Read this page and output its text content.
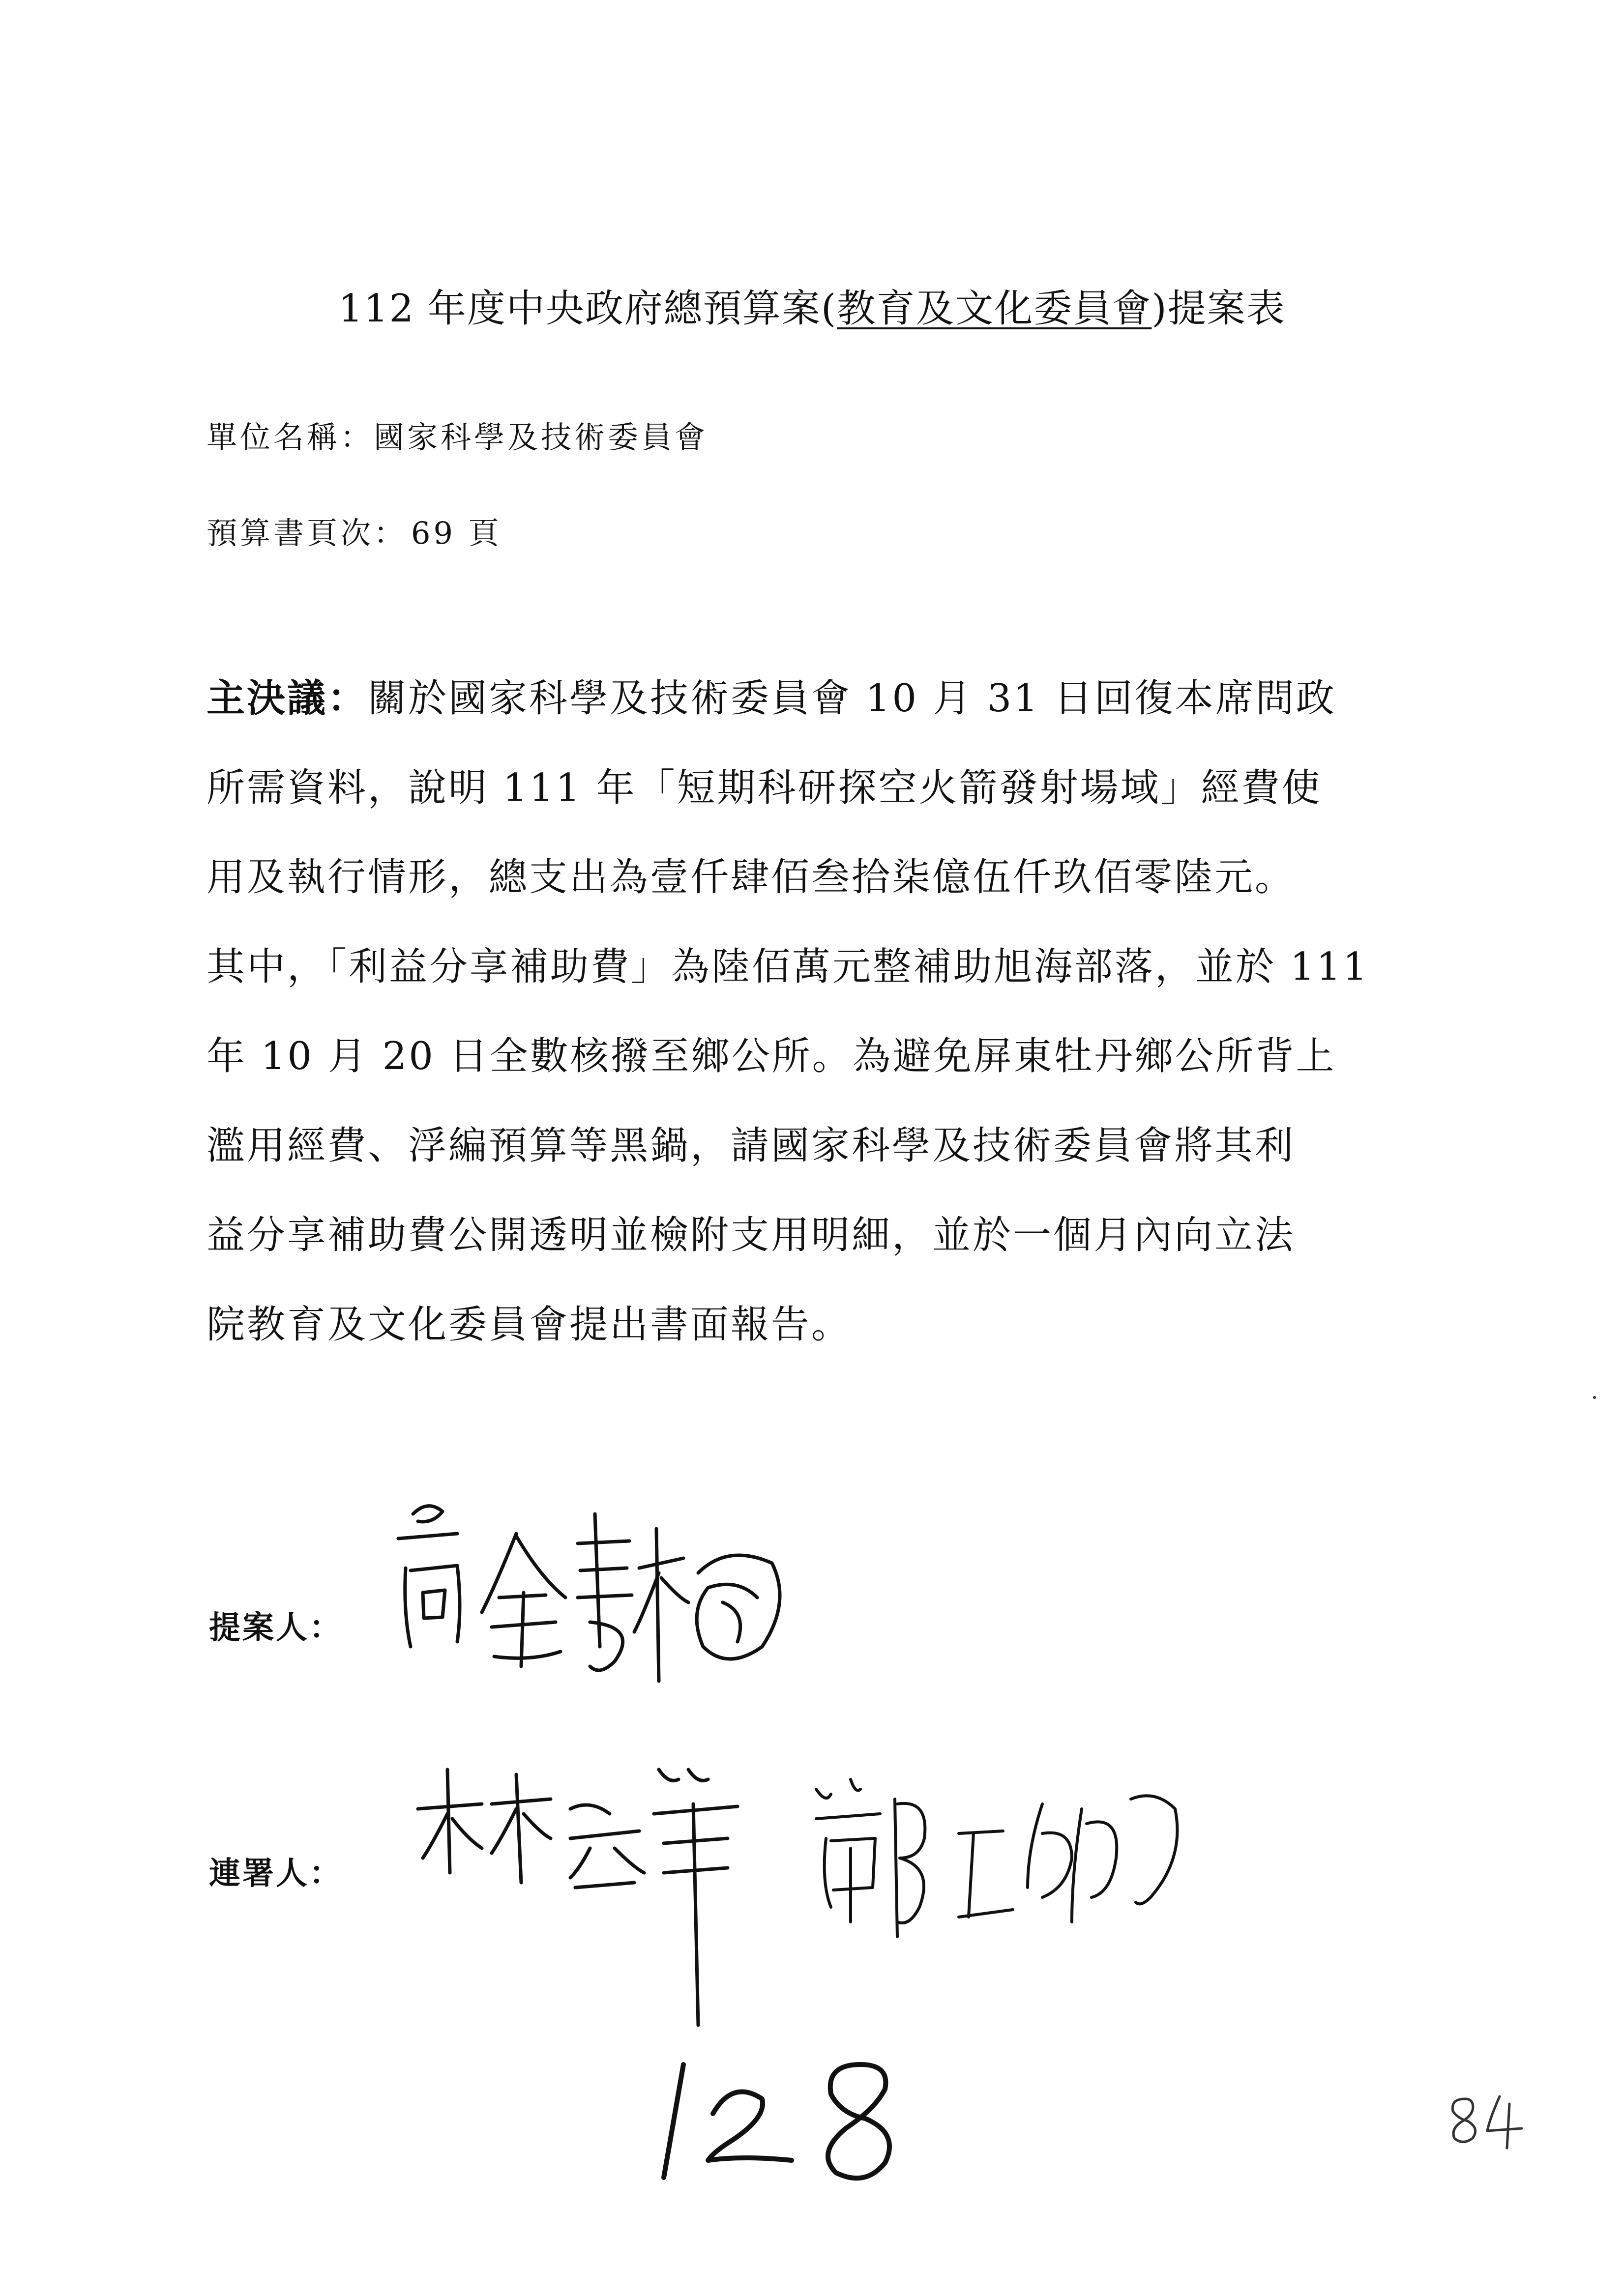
112 年度中央政府總預算案(教育及文化委員會)提案表
單位名稱：國家科學及技術委員會
預算書頁次： 69 頁
主決議：關於國家科學及技術委員會 10 月 31 日回復本席問政
所需資料，說明 111 年「短期科研探空火箭發射場域」經費使
用及執行情形，總支出為壹仟肆佰叁拾柒億伍仟玖佰零陸元。
其中，「利益分享補助費」為陸佰萬元整補助旭海部落，並於 111
年 10 月 20 日全數核撥至鄉公所。為避免屏東牡丹鄉公所背上
濫用經費、浮編預算等黑鍋，請國家科學及技術委員會將其利
益分享補助費公開透明並檢附支用明細，並於一個月內向立法
院教育及文化委員會提出書面報告。
提案人：
連署人：
